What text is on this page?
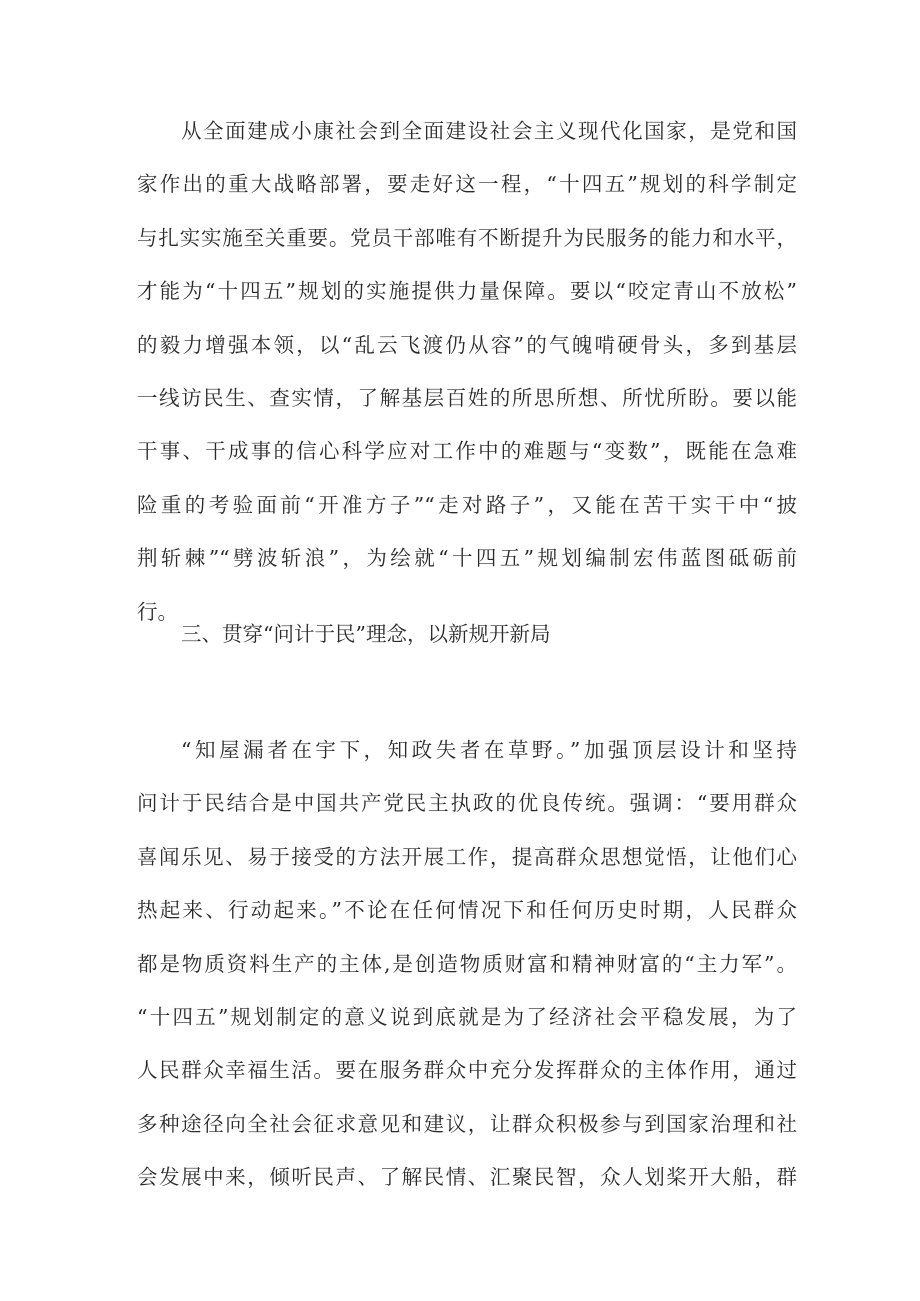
从全面建成小康社会到全面建设社会主义现代化国家，是党和国
家作出的重大战略部署，要走好这一程，“十四五”规划的科学制定
与扎实实施至关重要。党员干部唯有不断提升为民服务的能力和水平，
才能为“十四五”规划的实施提供力量保障。要以“咬定青山不放松”
的毅力增强本领，以“乱云飞渡仍从容”的气魄啃硬骨头，多到基层
一线访民生、查实情，了解基层百姓的所思所想、所忧所盼。要以能
干事、干成事的信心科学应对工作中的难题与“变数”，既能在急难
险重的考验面前“开准方子”“走对路子”，又能在苦干实干中“披
荆斩棘”“劈波斩浪”，为绘就“十四五”规划编制宏伟蓝图砥砺前
行。
三、贯穿“问计于民”理念，以新规开新局
“知屋漏者在宇下，知政失者在草野。”加强顶层设计和坚持
问计于民结合是中国共产党民主执政的优良传统。强调：“要用群众
喜闻乐见、易于接受的方法开展工作，提高群众思想觉悟，让他们心
热起来、行动起来。”不论在任何情况下和任何历史时期，人民群众
都是物质资料生产的主体,是创造物质财富和精神财富的“主力军”。
“十四五”规划制定的意义说到底就是为了经济社会平稳发展，为了
人民群众幸福生活。要在服务群众中充分发挥群众的主体作用，通过
多种途径向全社会征求意见和建议，让群众积极参与到国家治理和社
会发展中来，倾听民声、了解民情、汇聚民智，众人划桨开大船，群
